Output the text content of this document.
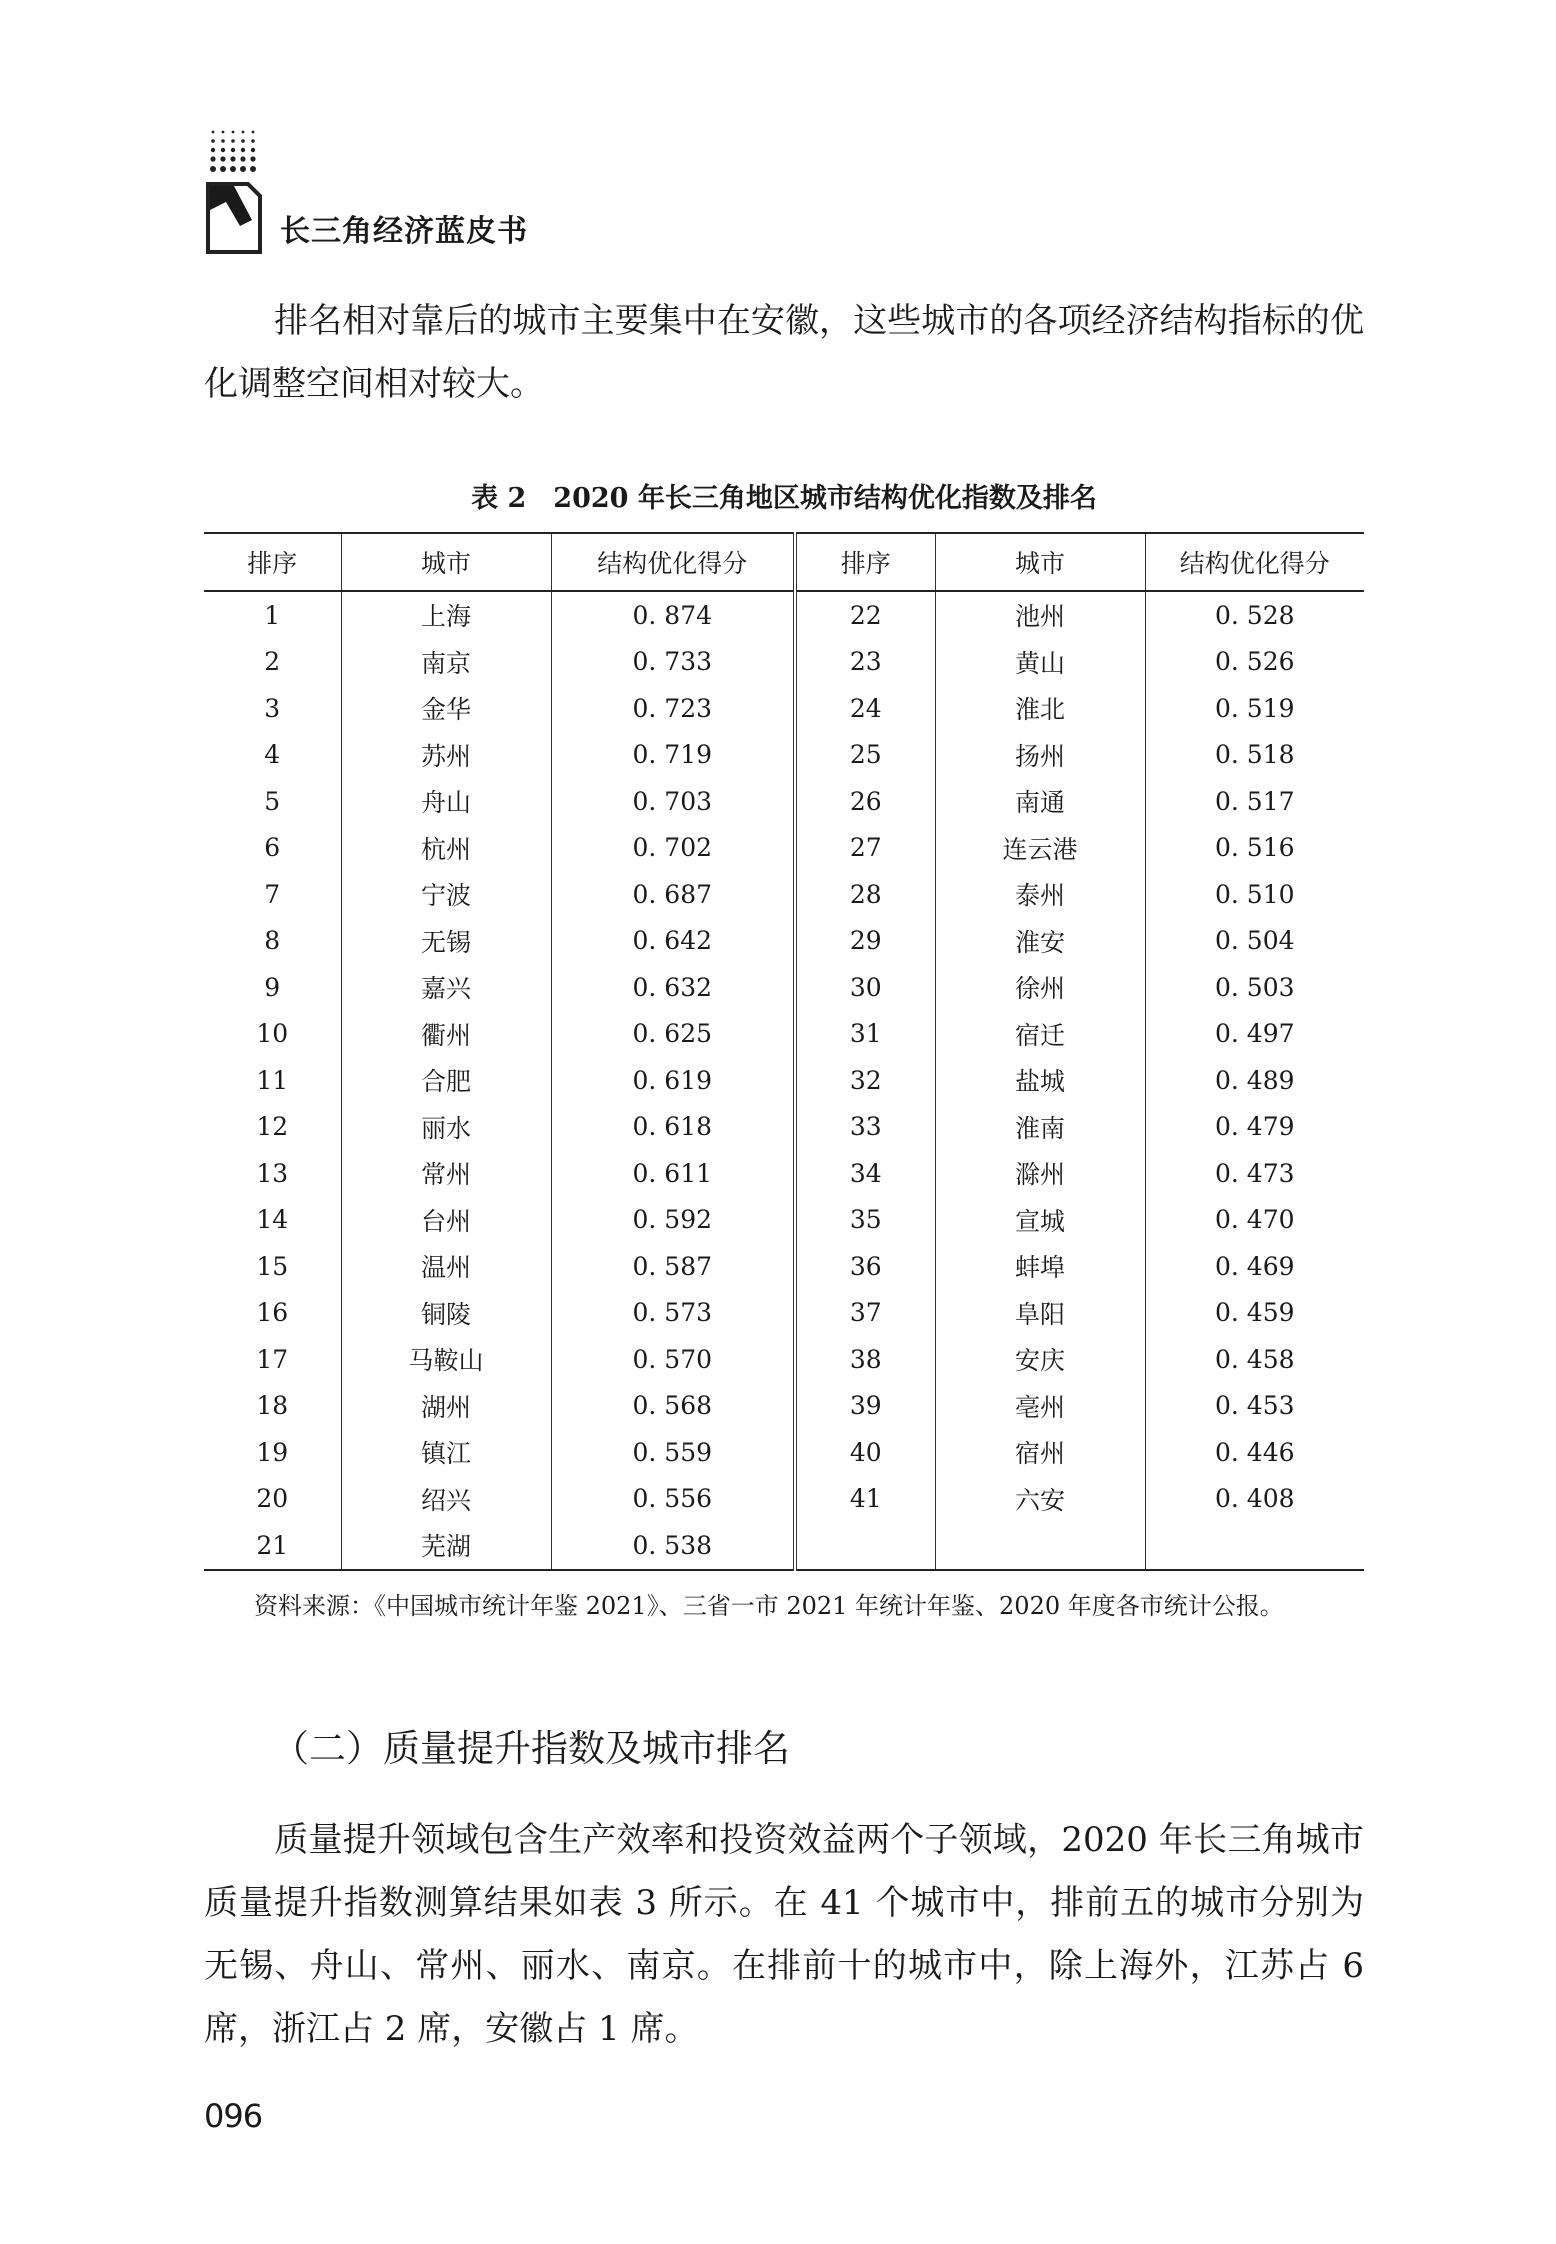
长三角经济蓝皮书

排名相对靠后的城市主要集中在安徽，这些城市的各项经济结构指标的优化调整空间相对较大。

表 2　2020 年长三角地区城市结构优化指数及排名
排序	城市	结构优化得分	排序	城市	结构优化得分
1	上海	0. 874	22	池州	0. 528
2	南京	0. 733	23	黄山	0. 526
3	金华	0. 723	24	淮北	0. 519
4	苏州	0. 719	25	扬州	0. 518
5	舟山	0. 703	26	南通	0. 517
6	杭州	0. 702	27	连云港	0. 516
7	宁波	0. 687	28	泰州	0. 510
8	无锡	0. 642	29	淮安	0. 504
9	嘉兴	0. 632	30	徐州	0. 503
10	衢州	0. 625	31	宿迁	0. 497
11	合肥	0. 619	32	盐城	0. 489
12	丽水	0. 618	33	淮南	0. 479
13	常州	0. 611	34	滁州	0. 473
14	台州	0. 592	35	宣城	0. 470
15	温州	0. 587	36	蚌埠	0. 469
16	铜陵	0. 573	37	阜阳	0. 459
17	马鞍山	0. 570	38	安庆	0. 458
18	湖州	0. 568	39	亳州	0. 453
19	镇江	0. 559	40	宿州	0. 446
20	绍兴	0. 556	41	六安	0. 408
21	芜湖	0. 538			
资料来源：《中国城市统计年鉴 2021》、三省一市 2021 年统计年鉴、2020 年度各市统计公报。
（二）质量提升指数及城市排名

质量提升领域包含生产效率和投资效益两个子领域，2020 年长三角城市质量提升指数测算结果如表 3 所示。在 41 个城市中，排前五的城市分别为无锡、舟山、常州、丽水、南京。在排前十的城市中，除上海外，江苏占 6 席，浙江占 2 席，安徽占 1 席。

096
